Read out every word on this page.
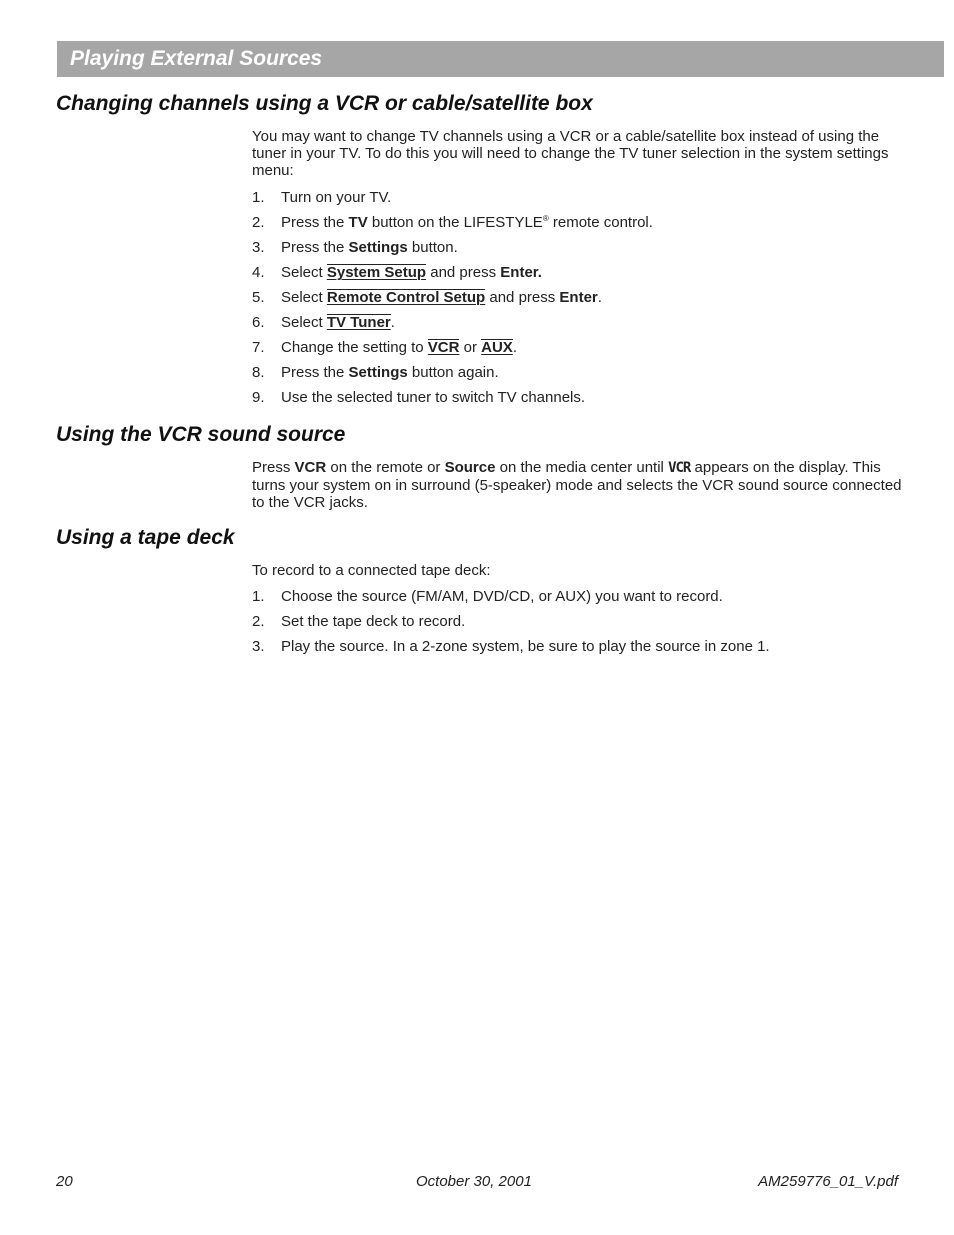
Playing External Sources
Changing channels using a VCR or cable/satellite box

You may want to change TV channels using a VCR or a cable/satellite box instead of using the tuner in your TV. To do this you will need to change the TV tuner selection in the system settings menu:

1.	Turn on your TV.
2.	Press the TV button on the LIFESTYLE® remote control.
3.	Press the Settings button.
4.	Select System Setup and press Enter.
5.	Select Remote Control Setup and press Enter.
6.	Select TV Tuner.
7.	Change the setting to VCR or AUX.
8.	Press the Settings button again.
9.	Use the selected tuner to switch TV channels.
Using the VCR sound source

Press VCR on the remote or Source on the media center until VCR appears on the display. This turns your system on in surround (5-speaker) mode and selects the VCR sound source connected to the VCR jacks.

Using a tape deck

To record to a connected tape deck:

1.	Choose the source (FM/AM, DVD/CD, or AUX) you want to record.
2.	Set the tape deck to record.
3.	Play the source. In a 2-zone system, be sure to play the source in zone 1.
20	October 30, 2001	AM259776_01_V.pdf
